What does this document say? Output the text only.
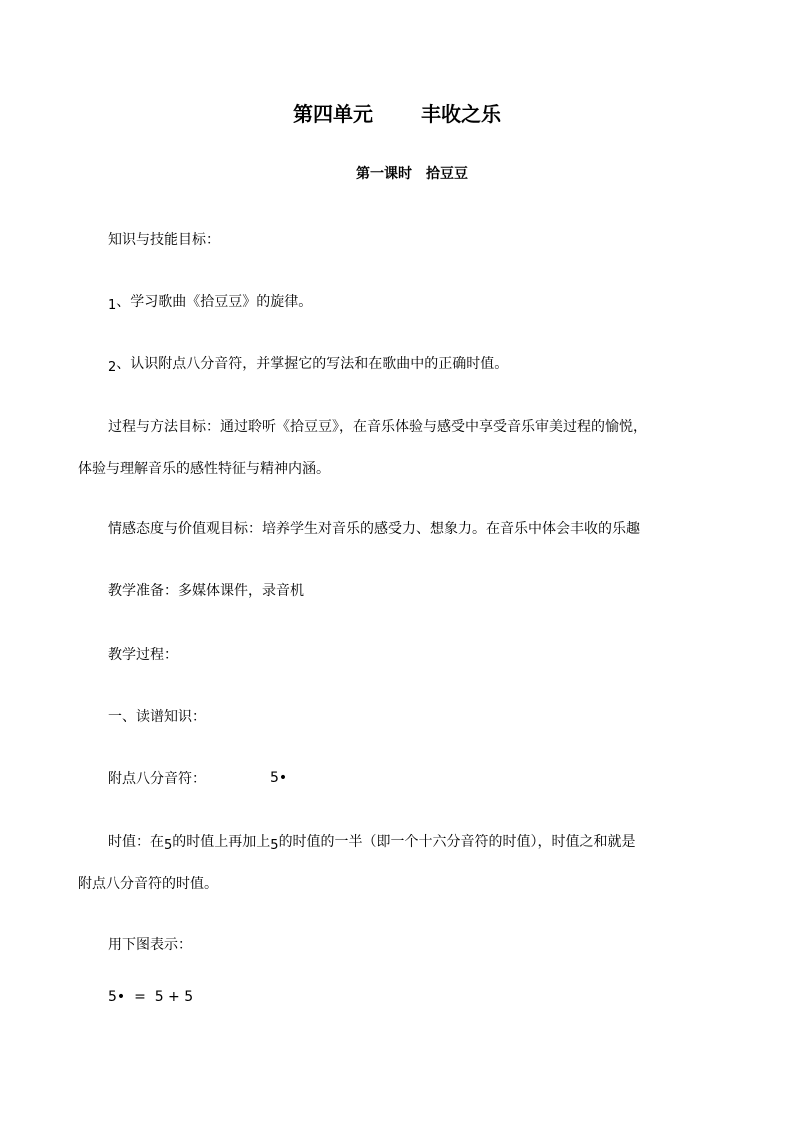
第四单元 丰收之乐
第一课时 拾豆豆
知识与技能目标：
1、学习歌曲《拾豆豆》的旋律。
2、认识附点八分音符，并掌握它的写法和在歌曲中的正确时值。
过程与方法目标：通过聆听《拾豆豆》，在音乐体验与感受中享受音乐审美过程的愉悦，
体验与理解音乐的感性特征与精神内涵。
情感态度与价值观目标：培养学生对音乐的感受力、想象力。在音乐中体会丰收的乐趣
教学准备：多媒体课件，录音机
教学过程：
一、读谱知识：
附点八分音符：	5•
时值：在5的时值上再加上5的时值的一半（即一个十六分音符的时值），时值之和就是
附点八分音符的时值。
用下图表示：
5•  =  5 + 5
